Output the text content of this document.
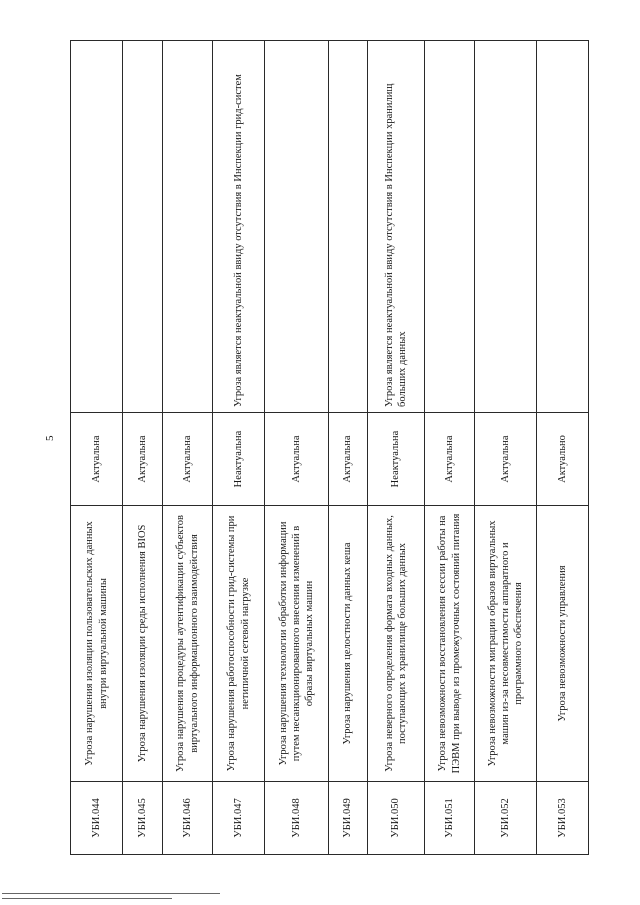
5
УБИ.044	Угроза нарушения изоляции пользовательских данных внутри виртуальной машины	Актуальна	
УБИ.045	Угроза нарушения изоляции среды исполнения BIOS	Актуальна	
УБИ.046	Угроза нарушения процедуры аутентификации субъектов виртуального информационного взаимодействия	Актуальна	
УБИ.047	Угроза нарушения работоспособности грид-системы при нетипичной сетевой нагрузке	Неактуальна	Угроза является неактуальной ввиду отсутствия в Инспекции грид-систем
УБИ.048	Угроза нарушения технологии обработки информации путем несанкционированного внесения изменений в образы виртуальных машин	Актуальна	
УБИ.049	Угроза нарушения целостности данных кеша	Актуальна	
УБИ.050	Угроза неверного определения формата входных данных, поступающих в хранилище больших данных	Неактуальна	Угроза является неактуальной ввиду отсутствия в Инспекции хранилищ больших данных
УБИ.051	Угроза невозможности восстановления сессии работы на ПЭВМ при выводе из промежуточных состояний питания	Актуальна	
УБИ.052	Угроза невозможности миграции образов виртуальных машин из-за несовместимости аппаратного и программного обеспечения	Актуальна	
УБИ.053	Угроза невозможности управления	Актуально	
